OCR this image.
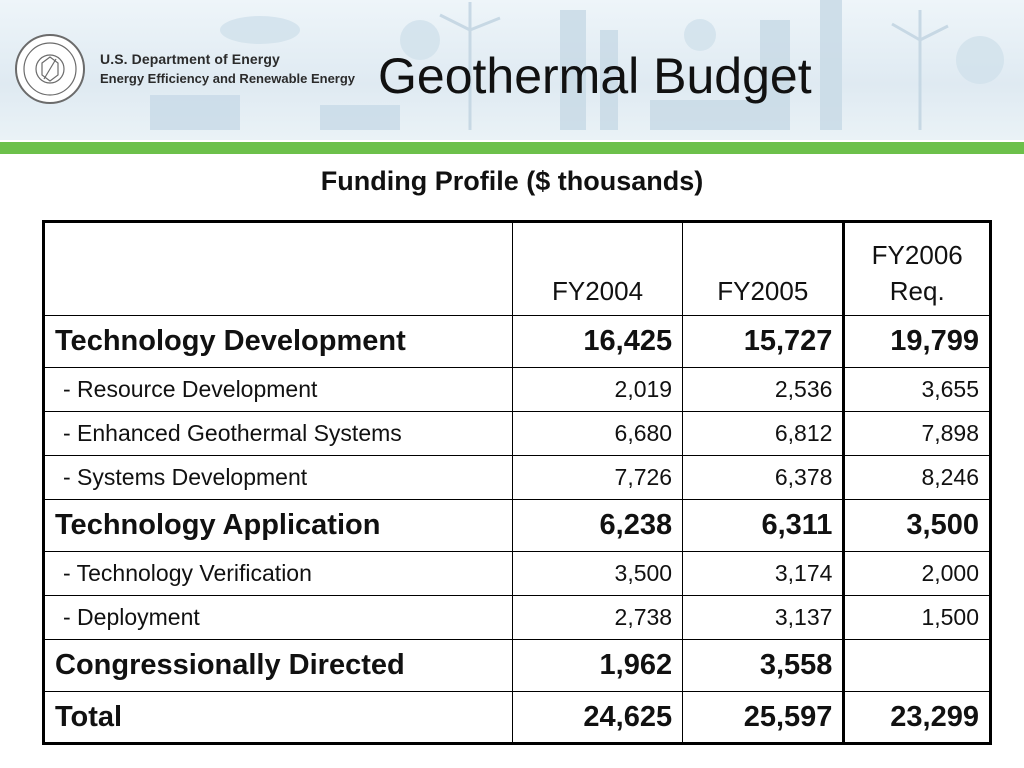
U.S. Department of Energy
Energy Efficiency and Renewable Energy Geothermal Budget
Funding Profile ($ thousands)
	FY2004	FY2005	FY2006 Req.
Technology Development	16,425	15,727	19,799
- Resource Development	2,019	2,536	3,655
- Enhanced Geothermal Systems	6,680	6,812	7,898
- Systems Development	7,726	6,378	8,246
Technology Application	6,238	6,311	3,500
- Technology Verification	3,500	3,174	2,000
- Deployment	2,738	3,137	1,500
Congressionally Directed	1,962	3,558	
Total	24,625	25,597	23,299
